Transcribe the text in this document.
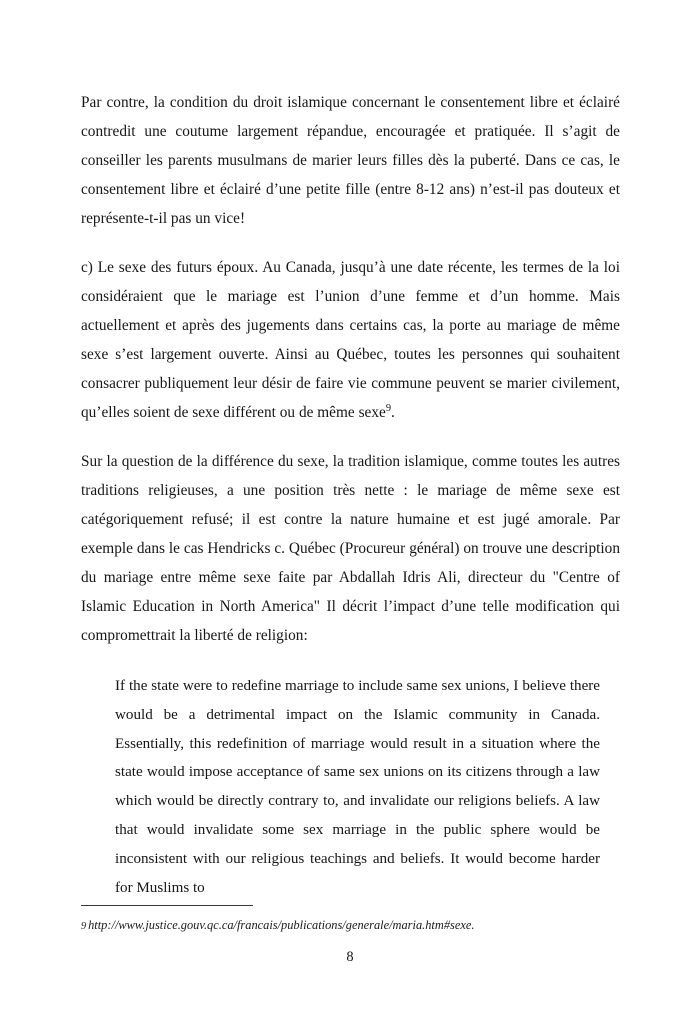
Par contre, la condition du droit islamique concernant le consentement libre et éclairé contredit une coutume largement répandue, encouragée et pratiquée. Il s’agit de conseiller les parents musulmans de marier leurs filles dès la puberté. Dans ce cas, le consentement libre et éclairé d’une petite fille (entre 8-12 ans) n’est-il pas douteux et représente-t-il pas un vice!

c) Le sexe des futurs époux. Au Canada, jusqu’à une date récente, les termes de la loi considéraient que le mariage est l’union d’une femme et d’un homme. Mais actuellement et après des jugements dans certains cas, la porte au mariage de même sexe s’est largement ouverte. Ainsi au Québec, toutes les personnes qui souhaitent consacrer publiquement leur désir de faire vie commune peuvent se marier civilement, qu’elles soient de sexe différent ou de même sexe$^9$.

Sur la question de la différence du sexe, la tradition islamique, comme toutes les autres traditions religieuses, a une position très nette : le mariage de même sexe est catégoriquement refusé; il est contre la nature humaine et est jugé amorale. Par exemple dans le cas Hendricks c. Québec (Procureur général) on trouve une description du mariage entre même sexe faite par Abdallah Idris Ali, directeur du "Centre of Islamic Education in North America" Il décrit l’impact d’une telle modification qui compromettrait la liberté de religion:

If the state were to redefine marriage to include same sex unions, I believe there would be a detrimental impact on the Islamic community in Canada. Essentially, this redefinition of marriage would result in a situation where the state would impose acceptance of same sex unions on its citizens through a law which would be directly contrary to, and invalidate our religions beliefs. A law that would invalidate some sex marriage in the public sphere would be inconsistent with our religious teachings and beliefs. It would become harder for Muslims to

9 http://www.justice.gouv.qc.ca/francais/publications/generale/maria.htm#sexe.
8
